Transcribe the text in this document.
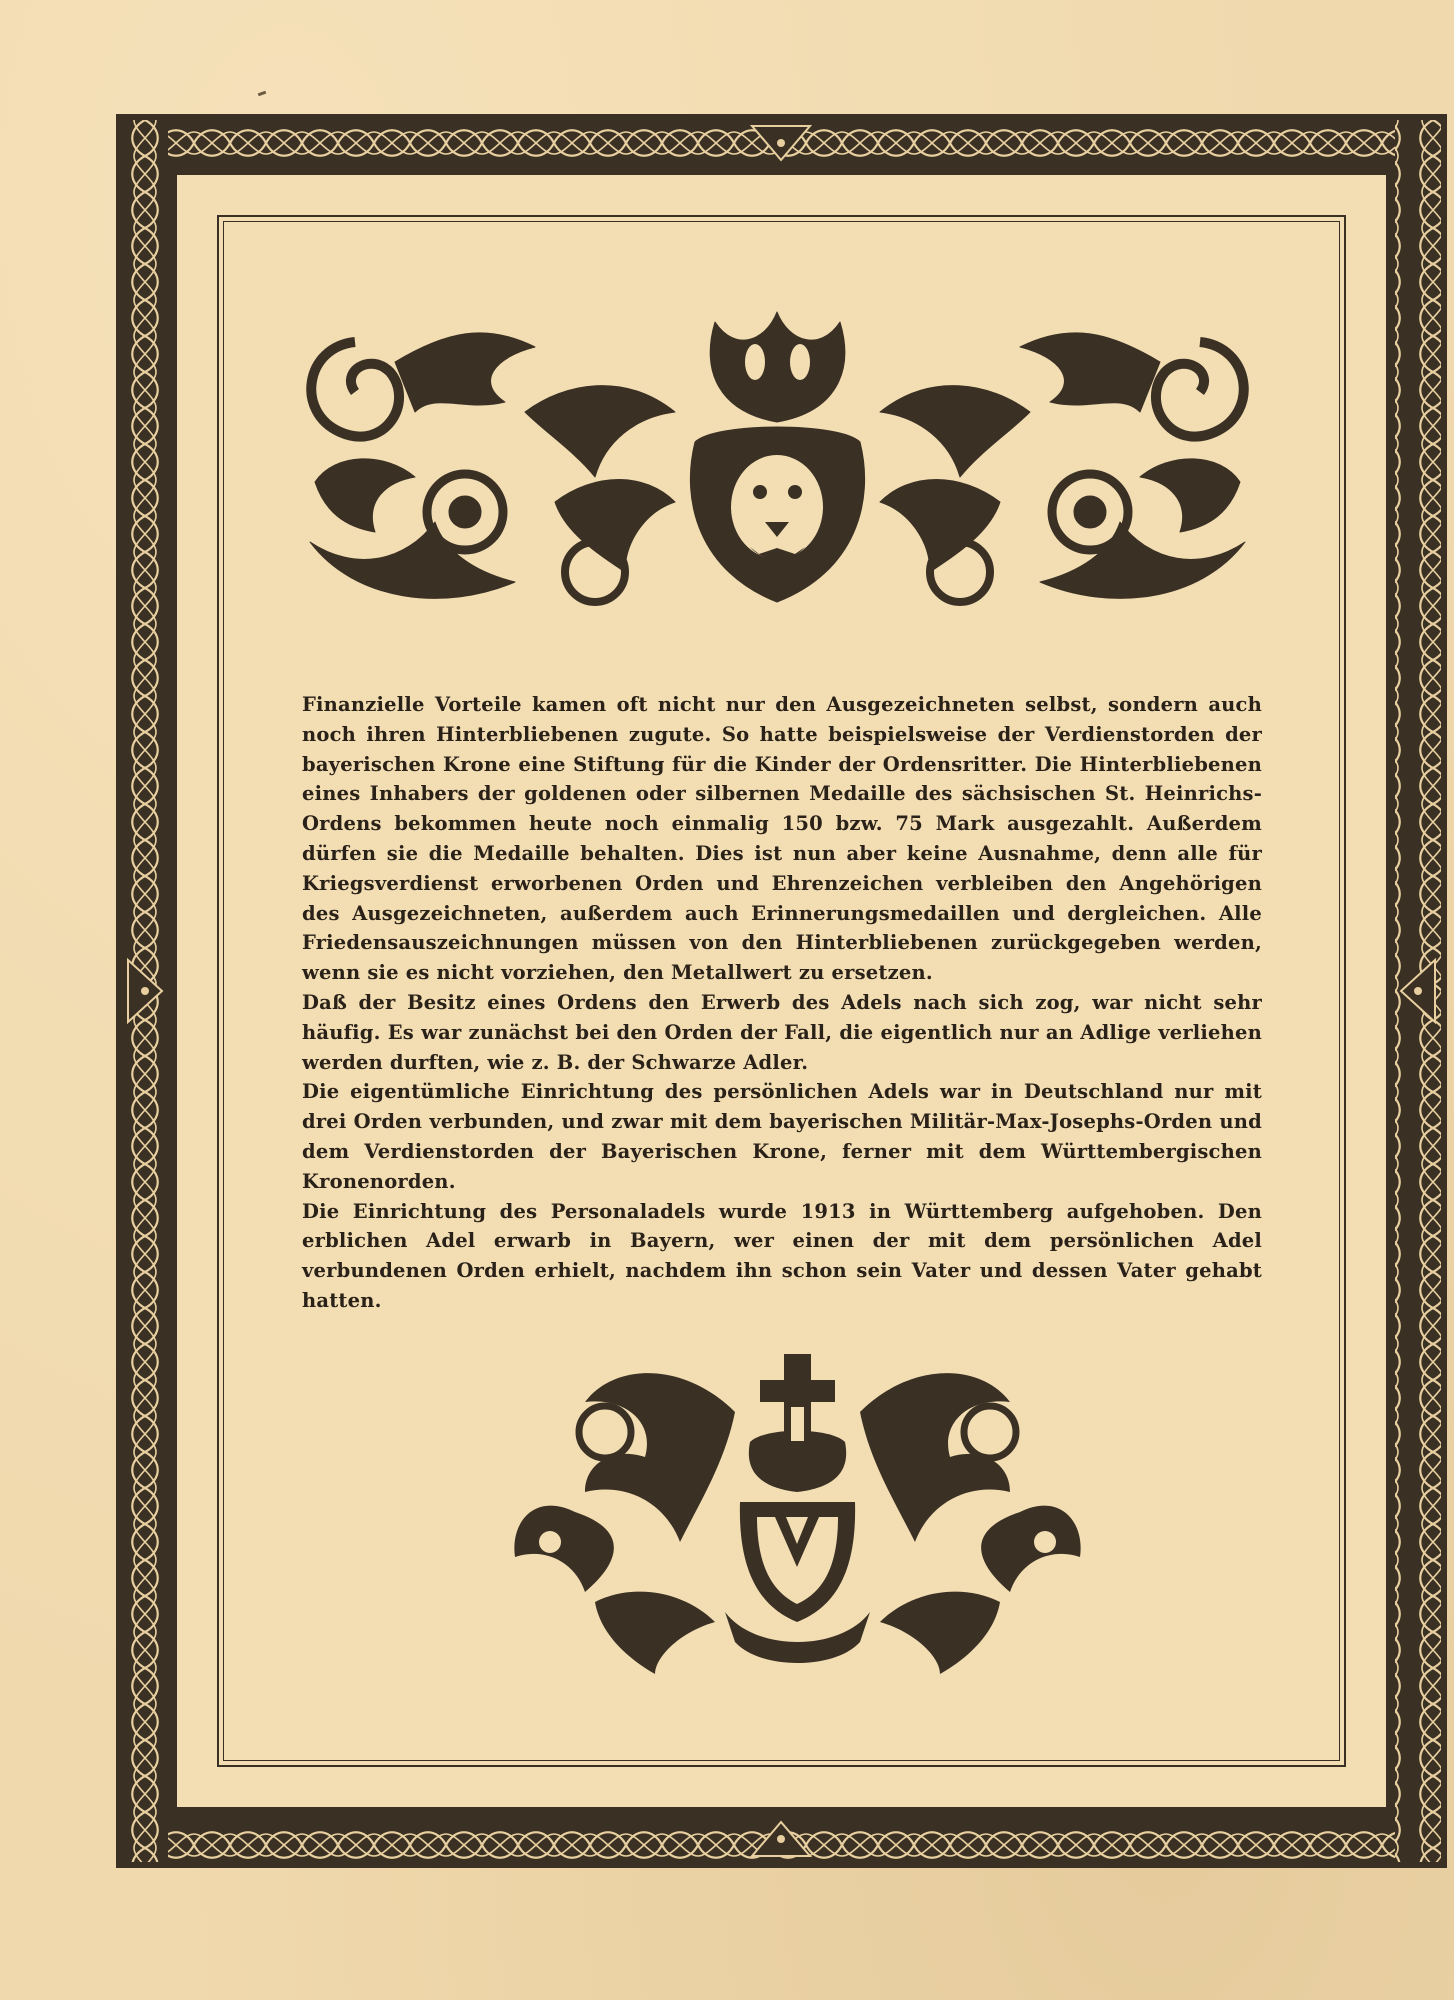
Finanzielle Vorteile kamen oft nicht nur den Ausgezeichneten selbst, sondern auch noch ihren Hinterbliebenen zugute. So hatte beispielsweise der Verdienstorden der bayerischen Krone eine Stiftung für die Kinder der Ordensritter. Die Hinterbliebenen eines Inhabers der goldenen oder silbernen Medaille des sächsischen St. Heinrichs-Ordens bekommen heute noch einmalig 150 bzw. 75 Mark ausgezahlt. Außerdem dürfen sie die Medaille behalten. Dies ist nun aber keine Ausnahme, denn alle für Kriegsverdienst erworbenen Orden und Ehrenzeichen verbleiben den Angehörigen des Ausgezeichneten, außerdem auch Erinnerungsmedaillen und dergleichen. Alle Friedensauszeichnungen müssen von den Hinterbliebenen zurückgegeben werden, wenn sie es nicht vorziehen, den Metallwert zu ersetzen.

Daß der Besitz eines Ordens den Erwerb des Adels nach sich zog, war nicht sehr häufig. Es war zunächst bei den Orden der Fall, die eigentlich nur an Adlige verliehen werden durften, wie z. B. der Schwarze Adler.

Die eigentümliche Einrichtung des persönlichen Adels war in Deutschland nur mit drei Orden verbunden, und zwar mit dem bayerischen Militär-Max-Josephs-Orden und dem Verdienstorden der Bayerischen Krone, ferner mit dem Württembergischen Kronenorden.

Die Einrichtung des Personaladels wurde 1913 in Württemberg aufgehoben. Den erblichen Adel erwarb in Bayern, wer einen der mit dem persönlichen Adel verbundenen Orden erhielt, nachdem ihn schon sein Vater und dessen Vater gehabt hatten.
